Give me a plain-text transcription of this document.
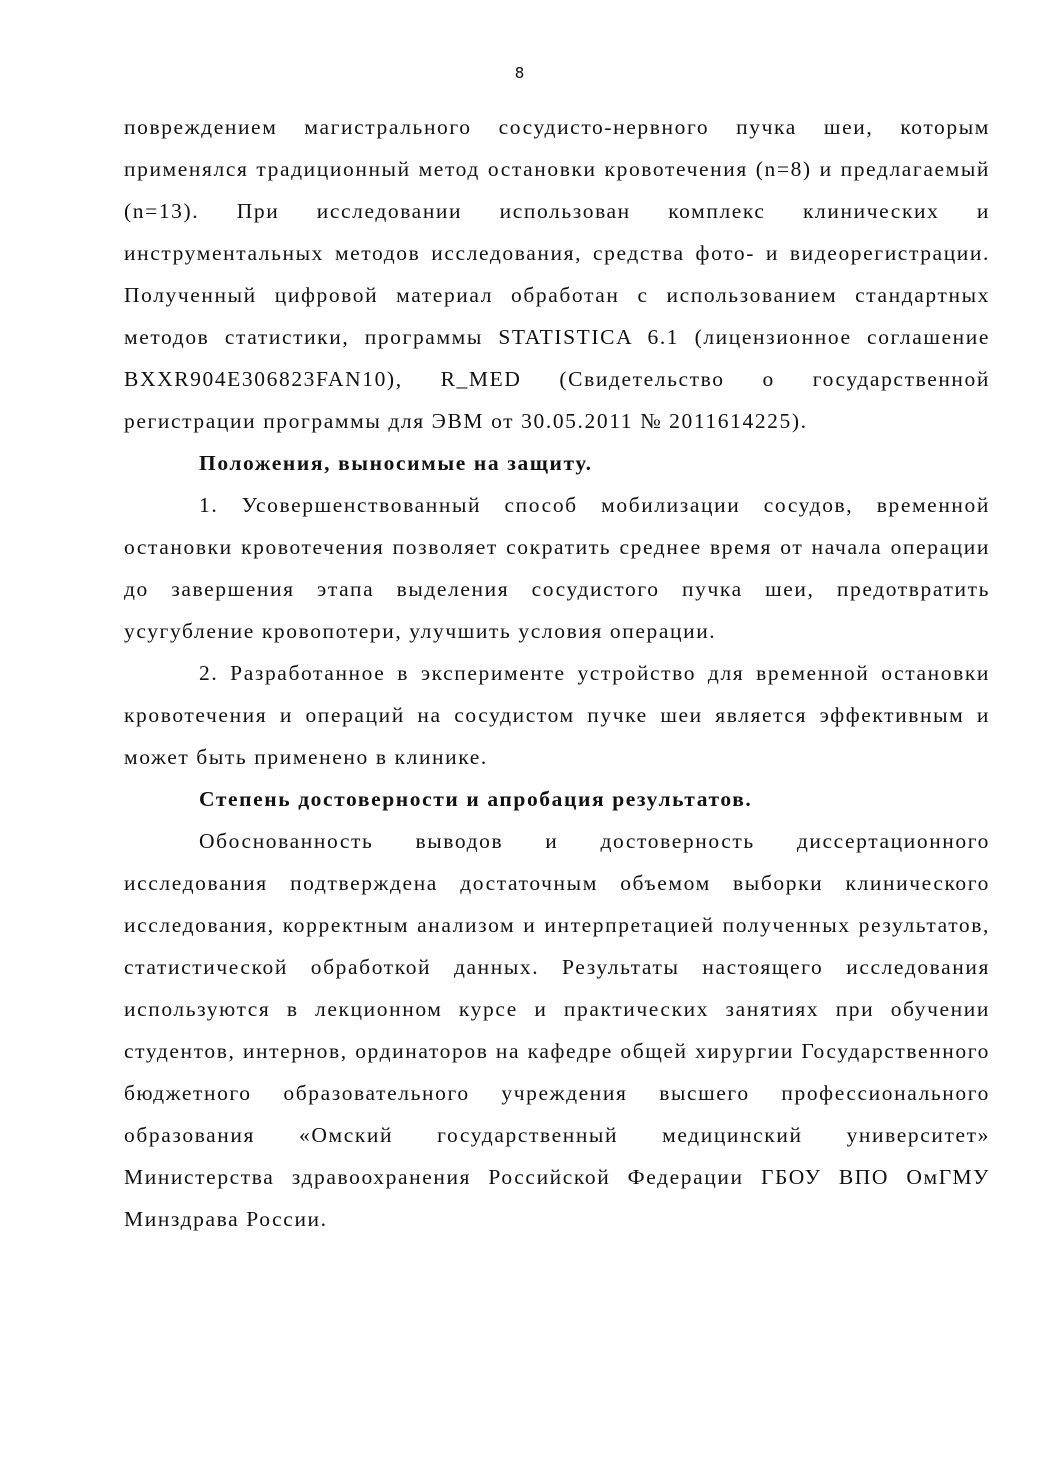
8

повреждением магистрального сосудисто-нервного пучка шеи, которым применялся традиционный метод остановки кровотечения (n=8) и предлагаемый (n=13). При исследовании использован комплекс клинических и инструментальных методов исследования, средства фото- и видеорегистрации. Полученный цифровой материал обработан с использованием стандартных методов статистики, программы STATISTICA 6.1 (лицензионное соглашение BXXR904E306823FAN10), R_MED (Свидетельство о государственной регистрации программы для ЭВМ от 30.05.2011 № 2011614225).

Положения, выносимые на защиту.

1. Усовершенствованный способ мобилизации сосудов, временной остановки кровотечения позволяет сократить среднее время от начала операции до завершения этапа выделения сосудистого пучка шеи, предотвратить усугубление кровопотери, улучшить условия операции.

2. Разработанное в эксперименте устройство для временной остановки кровотечения и операций на сосудистом пучке шеи является эффективным и может быть применено в клинике.

Степень достоверности и апробация результатов.

Обоснованность выводов и достоверность диссертационного исследования подтверждена достаточным объемом выборки клинического исследования, корректным анализом и интерпретацией полученных результатов, статистической обработкой данных. Результаты настоящего исследования используются в лекционном курсе и практических занятиях при обучении студентов, интернов, ординаторов на кафедре общей хирургии Государственного бюджетного образовательного учреждения высшего профессионального образования «Омский государственный медицинский университет» Министерства здравоохранения Российской Федерации ГБОУ ВПО ОмГМУ Минздрава России.
